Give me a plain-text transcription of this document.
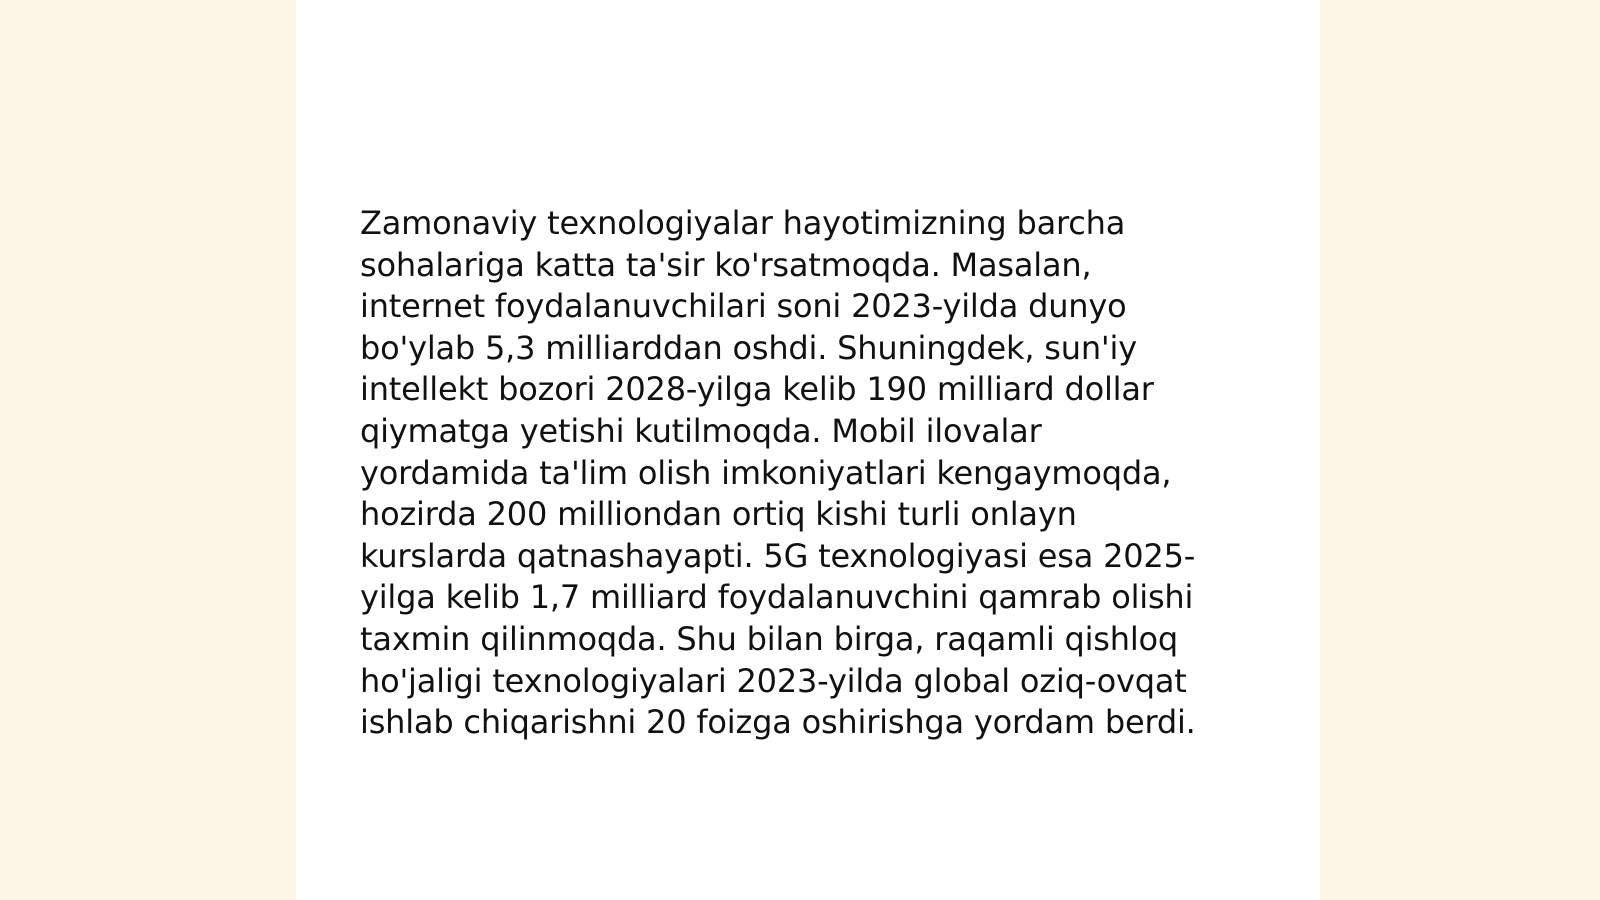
Zamonaviy texnologiyalar hayotimizning barcha
sohalariga katta ta'sir ko'rsatmoqda. Masalan,
internet foydalanuvchilari soni 2023-yilda dunyo
bo'ylab 5,3 milliarddan oshdi. Shuningdek, sun'iy
intellekt bozori 2028-yilga kelib 190 milliard dollar
qiymatga yetishi kutilmoqda. Mobil ilovalar
yordamida ta'lim olish imkoniyatlari kengaymoqda,
hozirda 200 milliondan ortiq kishi turli onlayn
kurslarda qatnashayapti. 5G texnologiyasi esa 2025-
yilga kelib 1,7 milliard foydalanuvchini qamrab olishi
taxmin qilinmoqda. Shu bilan birga, raqamli qishloq
ho'jaligi texnologiyalari 2023-yilda global oziq-ovqat
ishlab chiqarishni 20 foizga oshirishga yordam berdi.
